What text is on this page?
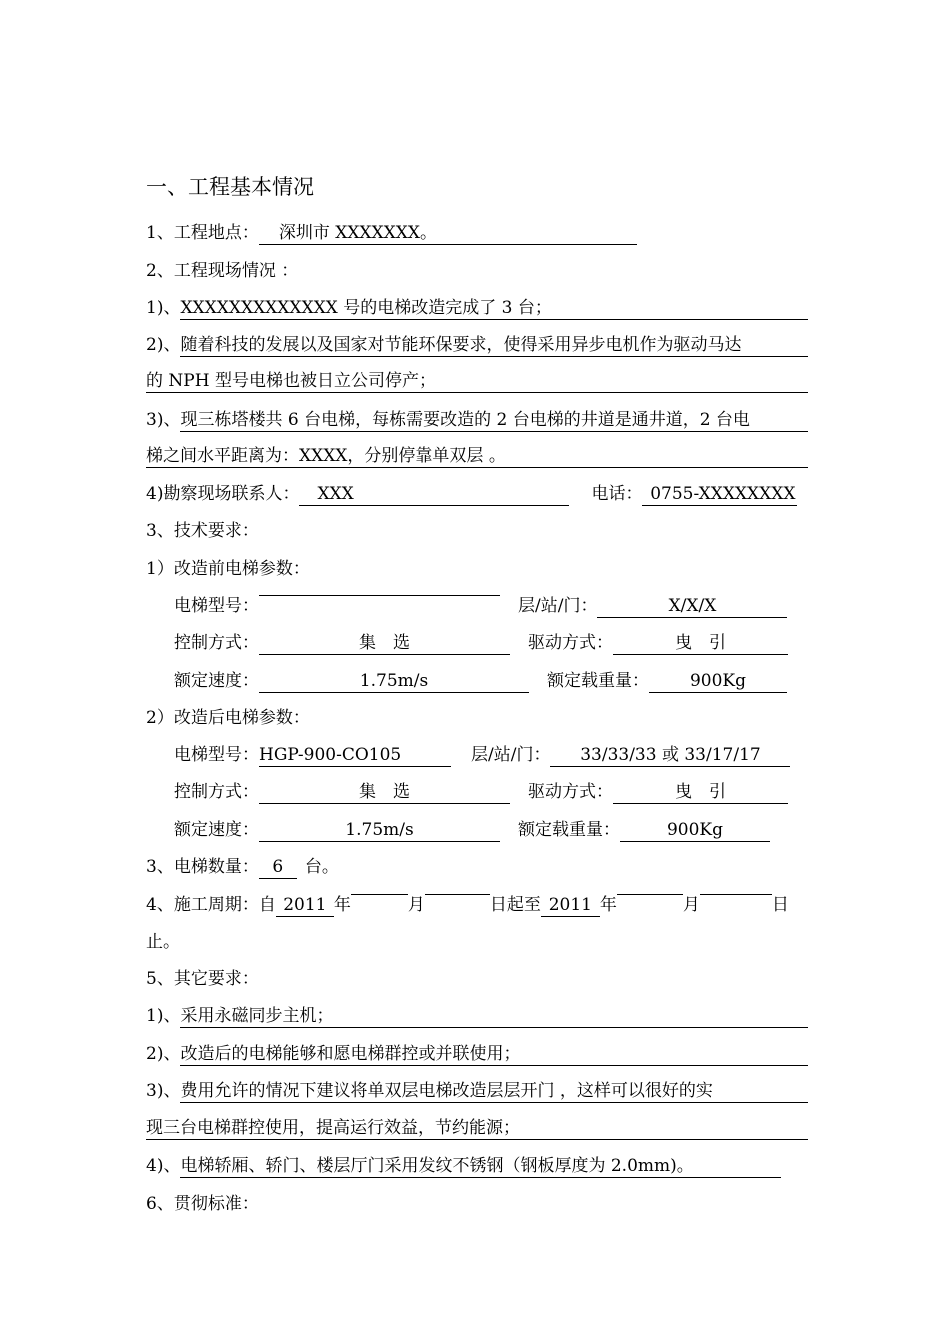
一、工程基本情况
1、工程地点： 深圳市 XXXXXXX。
2、工程现场情况 ：
1)、XXXXXXXXXXXXX 号的电梯改造完成了 3 台；
2)、随着科技的发展以及国家对节能环保要求，使得采用异步电机作为驱动马达
的 NPH 型号电梯也被日立公司停产；
3)、现三栋塔楼共 6 台电梯，每栋需要改造的 2 台电梯的井道是通井道，2 台电
梯之间水平距离为：XXXX，分别停靠单双层 。
4)勘察现场联系人： XXX	电话： 0755-XXXXXXXX
3、技术要求：
1）改造前电梯参数：
电梯型号：	层/站/门：	X/X/X
控制方式：	集　选	驱动方式：	曳　引
额定速度：	1.75m/s	额定载重量： 900Kg
2）改造后电梯参数：
电梯型号：HGP-900-CO105	层/站/门： 33/33/33 或 33/17/17
控制方式：	集　选	驱动方式：	曳　引
额定速度：	1.75m/s	额定载重量：	900Kg
3、电梯数量： 6 台。
4、施工周期：自 2011 年	月	日起至 2011 年	月	日
止。
5、其它要求：
1)、采用永磁同步主机；
2)、改造后的电梯能够和愿电梯群控或并联使用；
3)、费用允许的情况下建议将单双层电梯改造层层开门 ，这样可以很好的实
现三台电梯群控使用，提高运行效益，节约能源；
4)、电梯轿厢、轿门、楼层厅门采用发纹不锈钢（钢板厚度为 2.0mm)。
6、贯彻标准：
